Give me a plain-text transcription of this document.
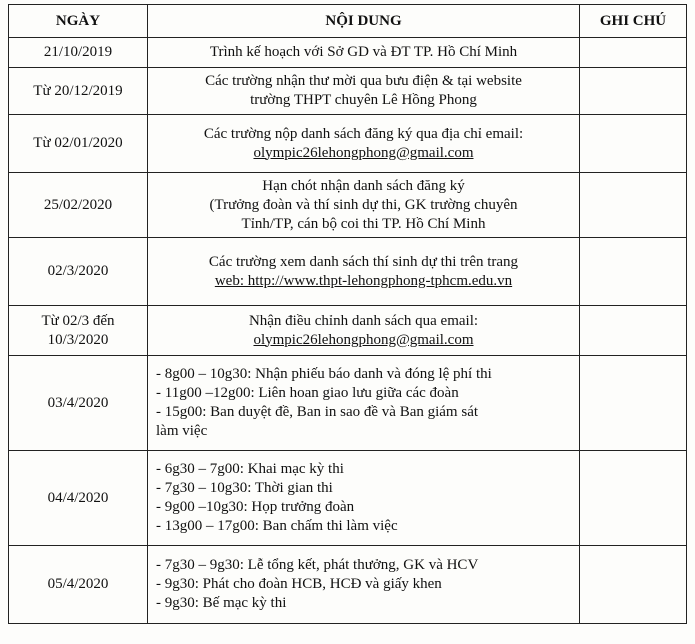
NGÀY	NỘI DUNG	GHI CHÚ

21/10/2019	Trình kế hoạch với Sở GD và ĐT TP. Hồ Chí Minh	

Từ 20/12/2019	Các trường nhận thư mời qua bưu điện & tại website
trường THPT chuyên Lê Hồng Phong	

Từ 02/01/2020	Các trường nộp danh sách đăng ký qua địa chỉ email:
olympic26lehongphong@gmail.com	

25/02/2020	Hạn chót nhận danh sách đăng ký
(Trưởng đoàn và thí sinh dự thi, GK trường chuyên
Tỉnh/TP, cán bộ coi thi TP. Hồ Chí Minh	

02/3/2020	Các trường xem danh sách thí sinh dự thi trên trang
web: http://www.thpt-lehongphong-tphcm.edu.vn	

Từ 02/3 đến
10/3/2020	Nhận điều chỉnh danh sách qua email:
olympic26lehongphong@gmail.com	

03/4/2020	- 8g00 – 10g30: Nhận phiếu báo danh và đóng lệ phí thi
- 11g00 –12g00: Liên hoan giao lưu giữa các đoàn
- 15g00: Ban duyệt đề, Ban in sao đề và Ban giám sát
làm việc	

04/4/2020	- 6g30 – 7g00: Khai mạc kỳ thi
- 7g30 – 10g30: Thời gian thi
- 9g00 –10g30: Họp trưởng đoàn
- 13g00 – 17g00: Ban chấm thi làm việc	

05/4/2020	- 7g30 – 9g30: Lễ tổng kết, phát thưởng, GK và HCV
- 9g30: Phát cho đoàn HCB, HCĐ và giấy khen
- 9g30: Bế mạc kỳ thi	
